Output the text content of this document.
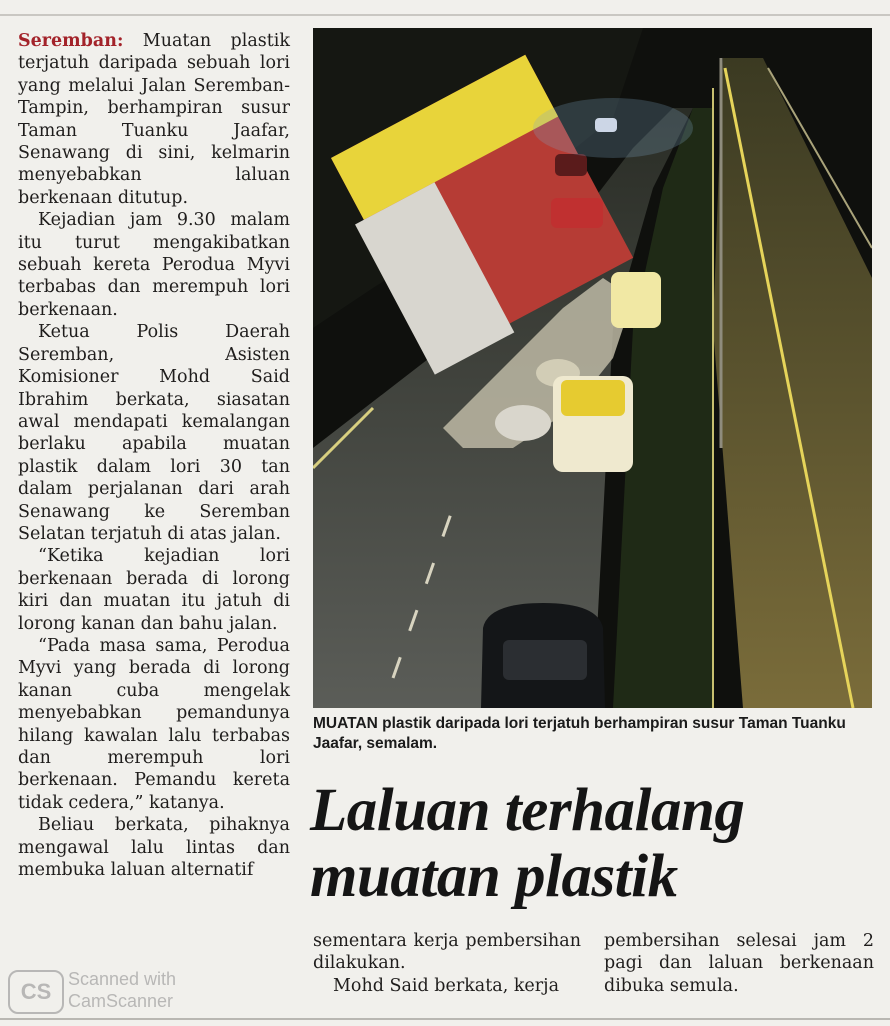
Seremban: Muatan plastik terjatuh daripada sebuah lori yang melalui Jalan Seremban-Tampin, berhampiran susur Taman Tuanku Jaafar, Senawang di sini, kelmarin menyebabkan laluan berkenaan ditutup.

Kejadian jam 9.30 malam itu turut mengakibatkan sebuah kereta Perodua Myvi terbabas dan merempuh lori berkenaan.

Ketua Polis Daerah Seremban, Asisten Komisioner Mohd Said Ibrahim berkata, siasatan awal mendapati kemalangan berlaku apabila muatan plastik dalam lori 30 tan dalam perjalanan dari arah Senawang ke Seremban Selatan terjatuh di atas jalan.

“Ketika kejadian lori berkenaan berada di lorong kiri dan muatan itu jatuh di lorong kanan dan bahu jalan.

“Pada masa sama, Perodua Myvi yang berada di lorong kanan cuba mengelak menyebabkan pemandunya hilang kawalan lalu terbabas dan merempuh lori berkenaan. Pemandu kereta tidak cedera,” katanya.

Beliau berkata, pihaknya mengawal lalu lintas dan membuka laluan alternatif

MUATAN plastik daripada lori terjatuh berhampiran susur Taman Tuanku Jaafar, semalam.
Laluan terhalang
muatan plastik

sementara kerja pembersihan dilakukan.

Mohd Said berkata, kerja

pembersihan selesai jam 2 pagi dan laluan berkenaan dibuka semula.

CS Scanned with
CamScanner
